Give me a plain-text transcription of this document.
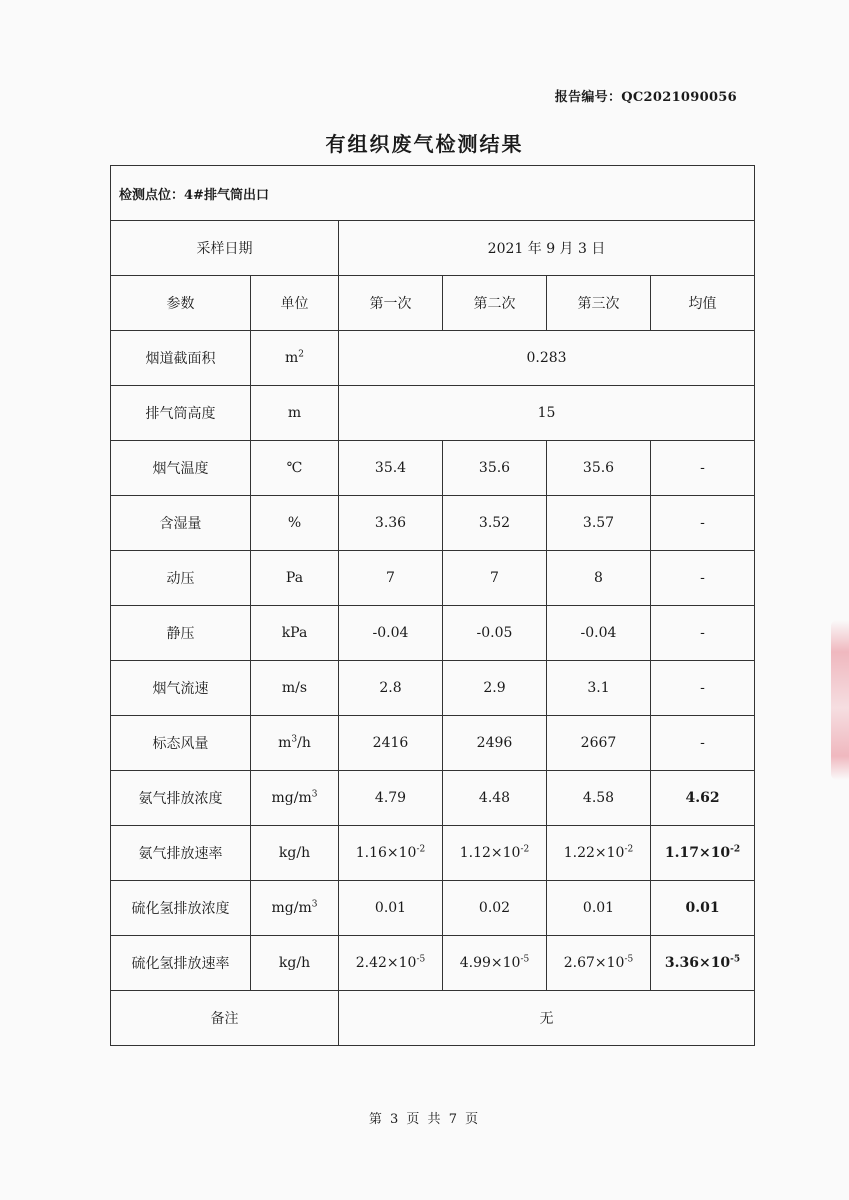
报告编号：QC2021090056
有组织废气检测结果
检测点位：4#排气筒出口					
采样日期		2021 年 9 月 3 日			
参数	单位	第一次	第二次	第三次	均值
烟道截面积	$m^2$	0.283			
排气筒高度	m	15			
烟气温度	℃	35.4	35.6	35.6	-
含湿量	%	3.36	3.52	3.57	-
动压	Pa	7	7	8	-
静压	kPa	-0.04	-0.05	-0.04	-
烟气流速	m/s	2.8	2.9	3.1	-
标态风量	$m^3/h$	2416	2496	2667	-
氨气排放浓度	$mg/m^3$	4.79	4.48	4.58	4.62
氨气排放速率	kg/h	$1.16\times 10^{-2}$	$1.12\times 10^{-2}$	$1.22\times 10^{-2}$	$1.17\times 10^{-2}$
硫化氢排放浓度	$mg/m^3$	0.01	0.02	0.01	0.01
硫化氢排放速率	kg/h	$2.42\times 10^{-5}$	$4.99\times 10^{-5}$	$2.67\times 10^{-5}$	$3.36\times 10^{-5}$
备注		无			
第 3 页 共 7 页
